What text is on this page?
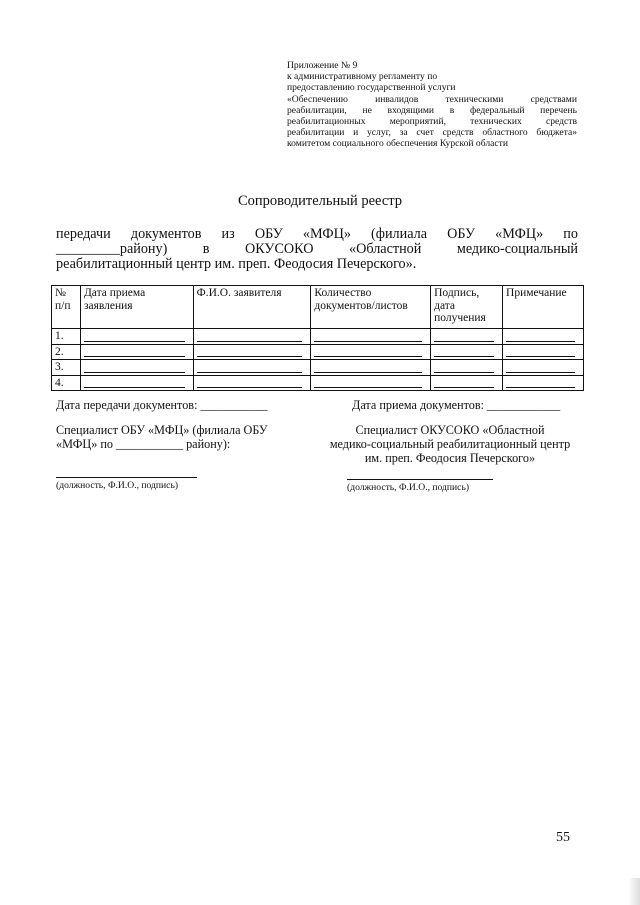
Приложение № 9
к административному регламенту по
предоставлению государственной услуги
«Обеспечению инвалидов техническими средствами
реабилитации, не входящими в федеральный перечень
реабилитационных мероприятий, технических средств
реабилитации и услуг, за счет средств областного бюджета»
комитетом социального обеспечения Курской области
Сопроводительный реестр
передачи документов из ОБУ «МФЦ» (филиала ОБУ «МФЦ» по
_________району) в ОКУСОКО «Областной медико-социальный
реабилитационный центр им. преп. Феодосия Печерского».
№ п/п	Дата приема заявления	Ф.И.О. заявителя	Количество документов/листов	Подпись, дата получения	Примечание
1.	

2.	

3.	

4.	

Дата передачи документов: ___________	Дата приема документов: ____________
Специалист ОБУ «МФЦ» (филиала ОБУ
«МФЦ» по ___________ району):
Специалист ОКУСОКО «Областной
медико-социальный реабилитационный центр
им. преп. Феодосия Печерского»
(должность, Ф.И.О., подпись)	(должность, Ф.И.О., подпись)
55
